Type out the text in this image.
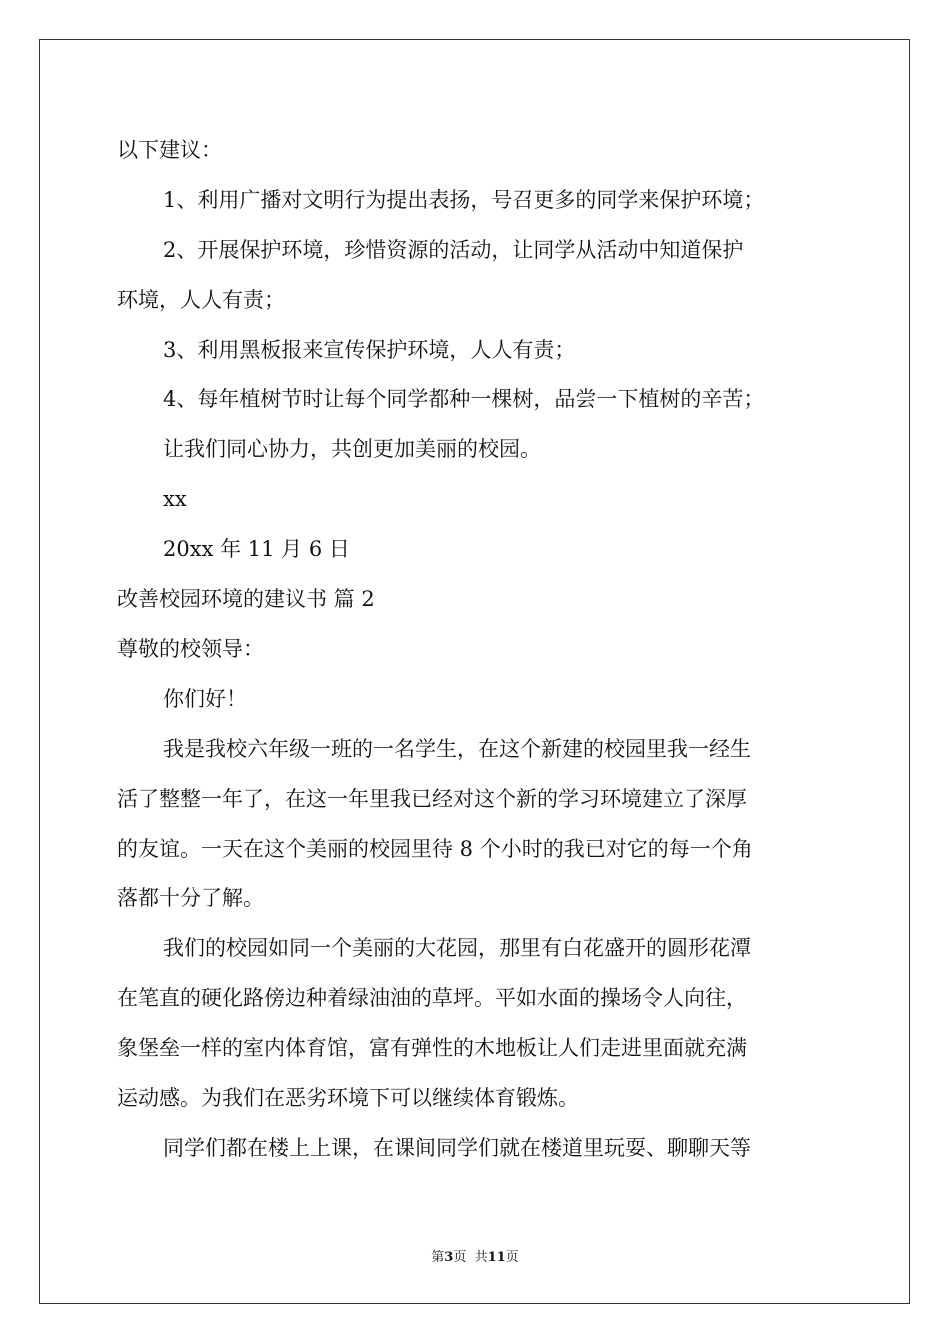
以下建议：
1、利用广播对文明行为提出表扬，号召更多的同学来保护环境；
2、开展保护环境，珍惜资源的活动，让同学从活动中知道保护
环境，人人有责；
3、利用黑板报来宣传保护环境，人人有责；
4、每年植树节时让每个同学都种一棵树，品尝一下植树的辛苦；
让我们同心协力，共创更加美丽的校园。
xx
20xx 年 11 月 6 日
改善校园环境的建议书 篇 2
尊敬的校领导：
你们好！
我是我校六年级一班的一名学生，在这个新建的校园里我一经生
活了整整一年了，在这一年里我已经对这个新的学习环境建立了深厚
的友谊。一天在这个美丽的校园里待 8 个小时的我已对它的每一个角
落都十分了解。
我们的校园如同一个美丽的大花园，那里有白花盛开的圆形花潭
在笔直的硬化路傍边种着绿油油的草坪。平如水面的操场令人向往，
象堡垒一样的室内体育馆，富有弹性的木地板让人们走进里面就充满
运动感。为我们在恶劣环境下可以继续体育锻炼。
同学们都在楼上上课，在课间同学们就在楼道里玩耍、聊聊天等
第3页  共11页
